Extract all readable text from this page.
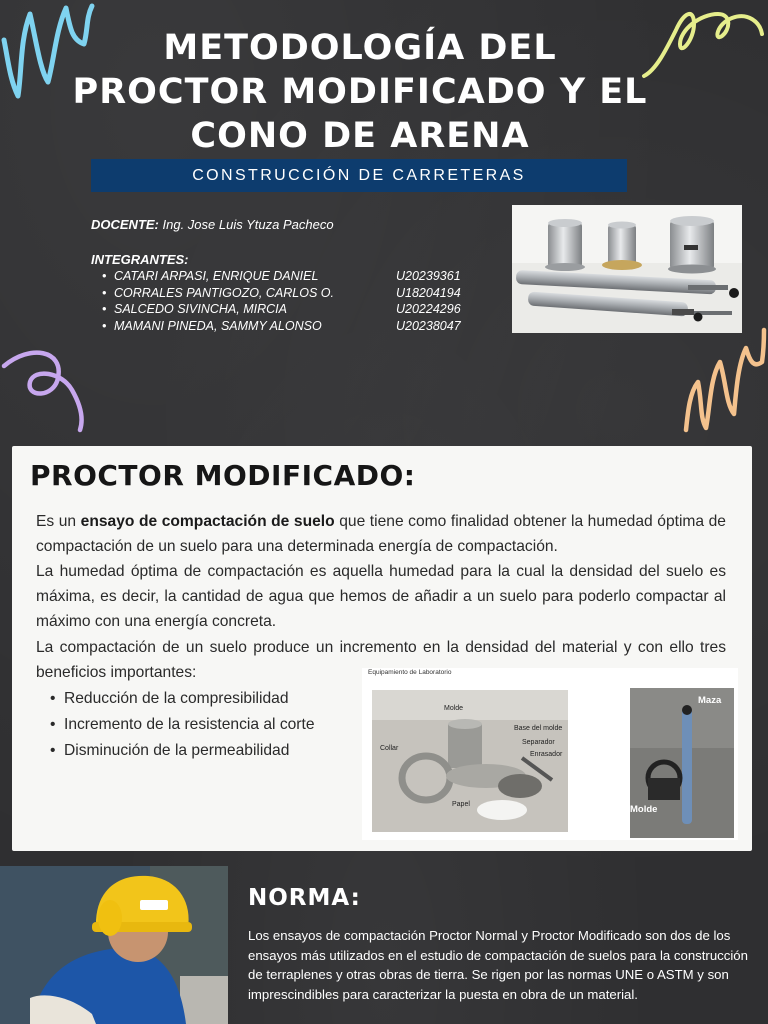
METODOLOGÍA DEL PROCTOR MODIFICADO Y EL CONO DE ARENA
CONSTRUCCIÓN DE CARRETERAS
DOCENTE: Ing. Jose Luis Ytuza Pacheco
INTEGRANTES:
• CATARI ARPASI, ENRIQUE DANIEL	U20239361
• CORRALES PANTIGOZO, CARLOS O.	U18204194
• SALCEDO SIVINCHA, MIRCIA	U20224296
• MAMANI PINEDA, SAMMY ALONSO	U20238047
PROCTOR MODIFICADO:

Es un ensayo de compactación de suelo que tiene como finalidad obtener la humedad óptima de compactación de un suelo para una determinada energía de compactación.

La humedad óptima de compactación es aquella humedad para la cual la densidad del suelo es máxima, es decir, la cantidad de agua que hemos de añadir a un suelo para poderlo compactar al máximo con una energía concreta.

La compactación de un suelo produce un incremento en la densidad del material y con ello tres beneficios importantes:

• Reducción de la compresibilidad
• Incremento de la resistencia al corte
• Disminución de la permeabilidad
Molde
Base del molde
Separador
Collar
Enrasador
Papel
Maza
Molde
Equipamiento de Laboratorio
NORMA:

Los ensayos de compactación Proctor Normal y Proctor Modificado son dos de los ensayos más utilizados en el estudio de compactación de suelos para la construcción de terraplenes y otras obras de tierra. Se rigen por las normas UNE o ASTM y son imprescindibles para caracterizar la puesta en obra de un material.
